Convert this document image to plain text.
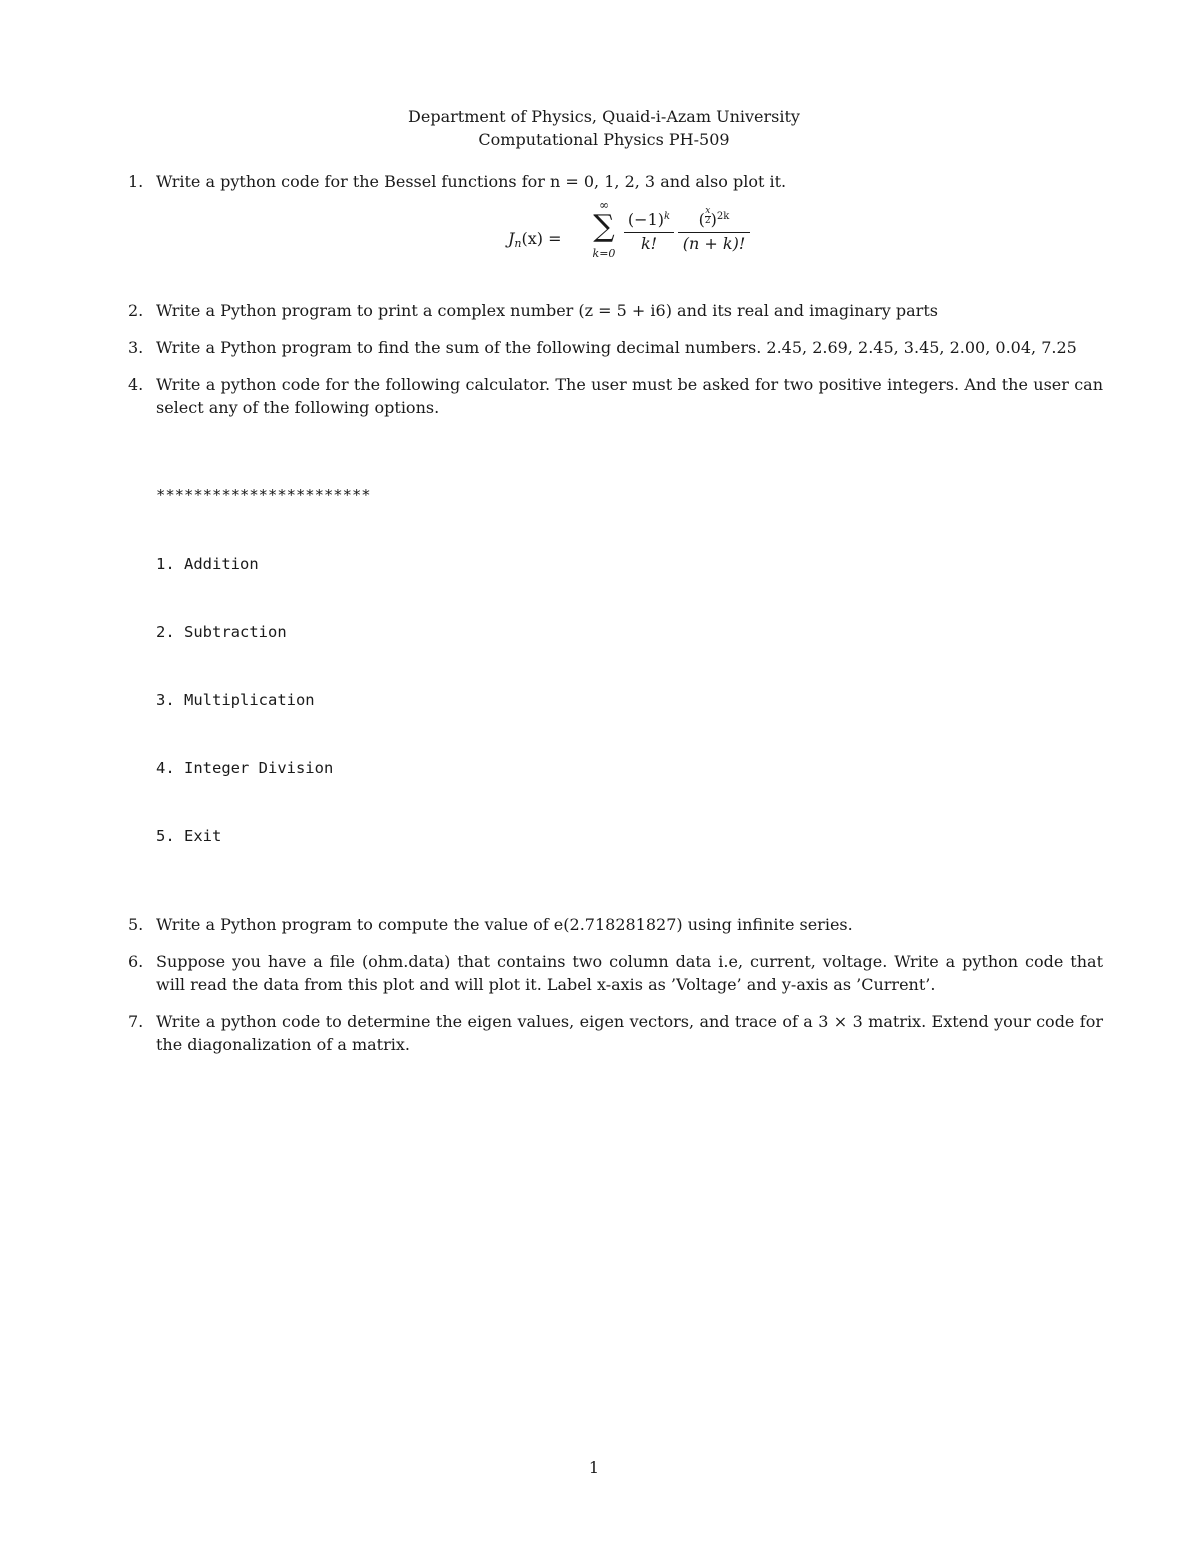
Department of Physics, Quaid-i-Azam University
Computational Physics PH-509
1. Write a python code for the Bessel functions for n = 0, 1, 2, 3 and also plot it.
$J_n(x)$ =
∞
∑
$k=0 \frac{(-1)^k}{k!} \frac{( \frac{x}{2} )^{2k}}{(n + k)!}$
2. Write a Python program to print a complex number (z = 5 + i6) and its real and imaginary parts
3. Write a Python program to find the sum of the following decimal numbers. 2.45, 2.69, 2.45, 3.45, 2.00, 0.04, 7.25
4. Write a python code for the following calculator. The user must be asked for two positive integers. And the user can select any of the following options.

***********************

1. Addition

2. Subtraction

3. Multiplication

4. Integer Division

5. Exit

5. Write a Python program to compute the value of e(2.718281827) using infinite series.
6. Suppose you have a file (ohm.data) that contains two column data i.e, current, voltage. Write a python code that will read the data from this plot and will plot it. Label x-axis as ’Voltage’ and y-axis as ’Current’.
7. Write a python code to determine the eigen values, eigen vectors, and trace of a 3 × 3 matrix. Extend your code for the diagonalization of a matrix.
1
